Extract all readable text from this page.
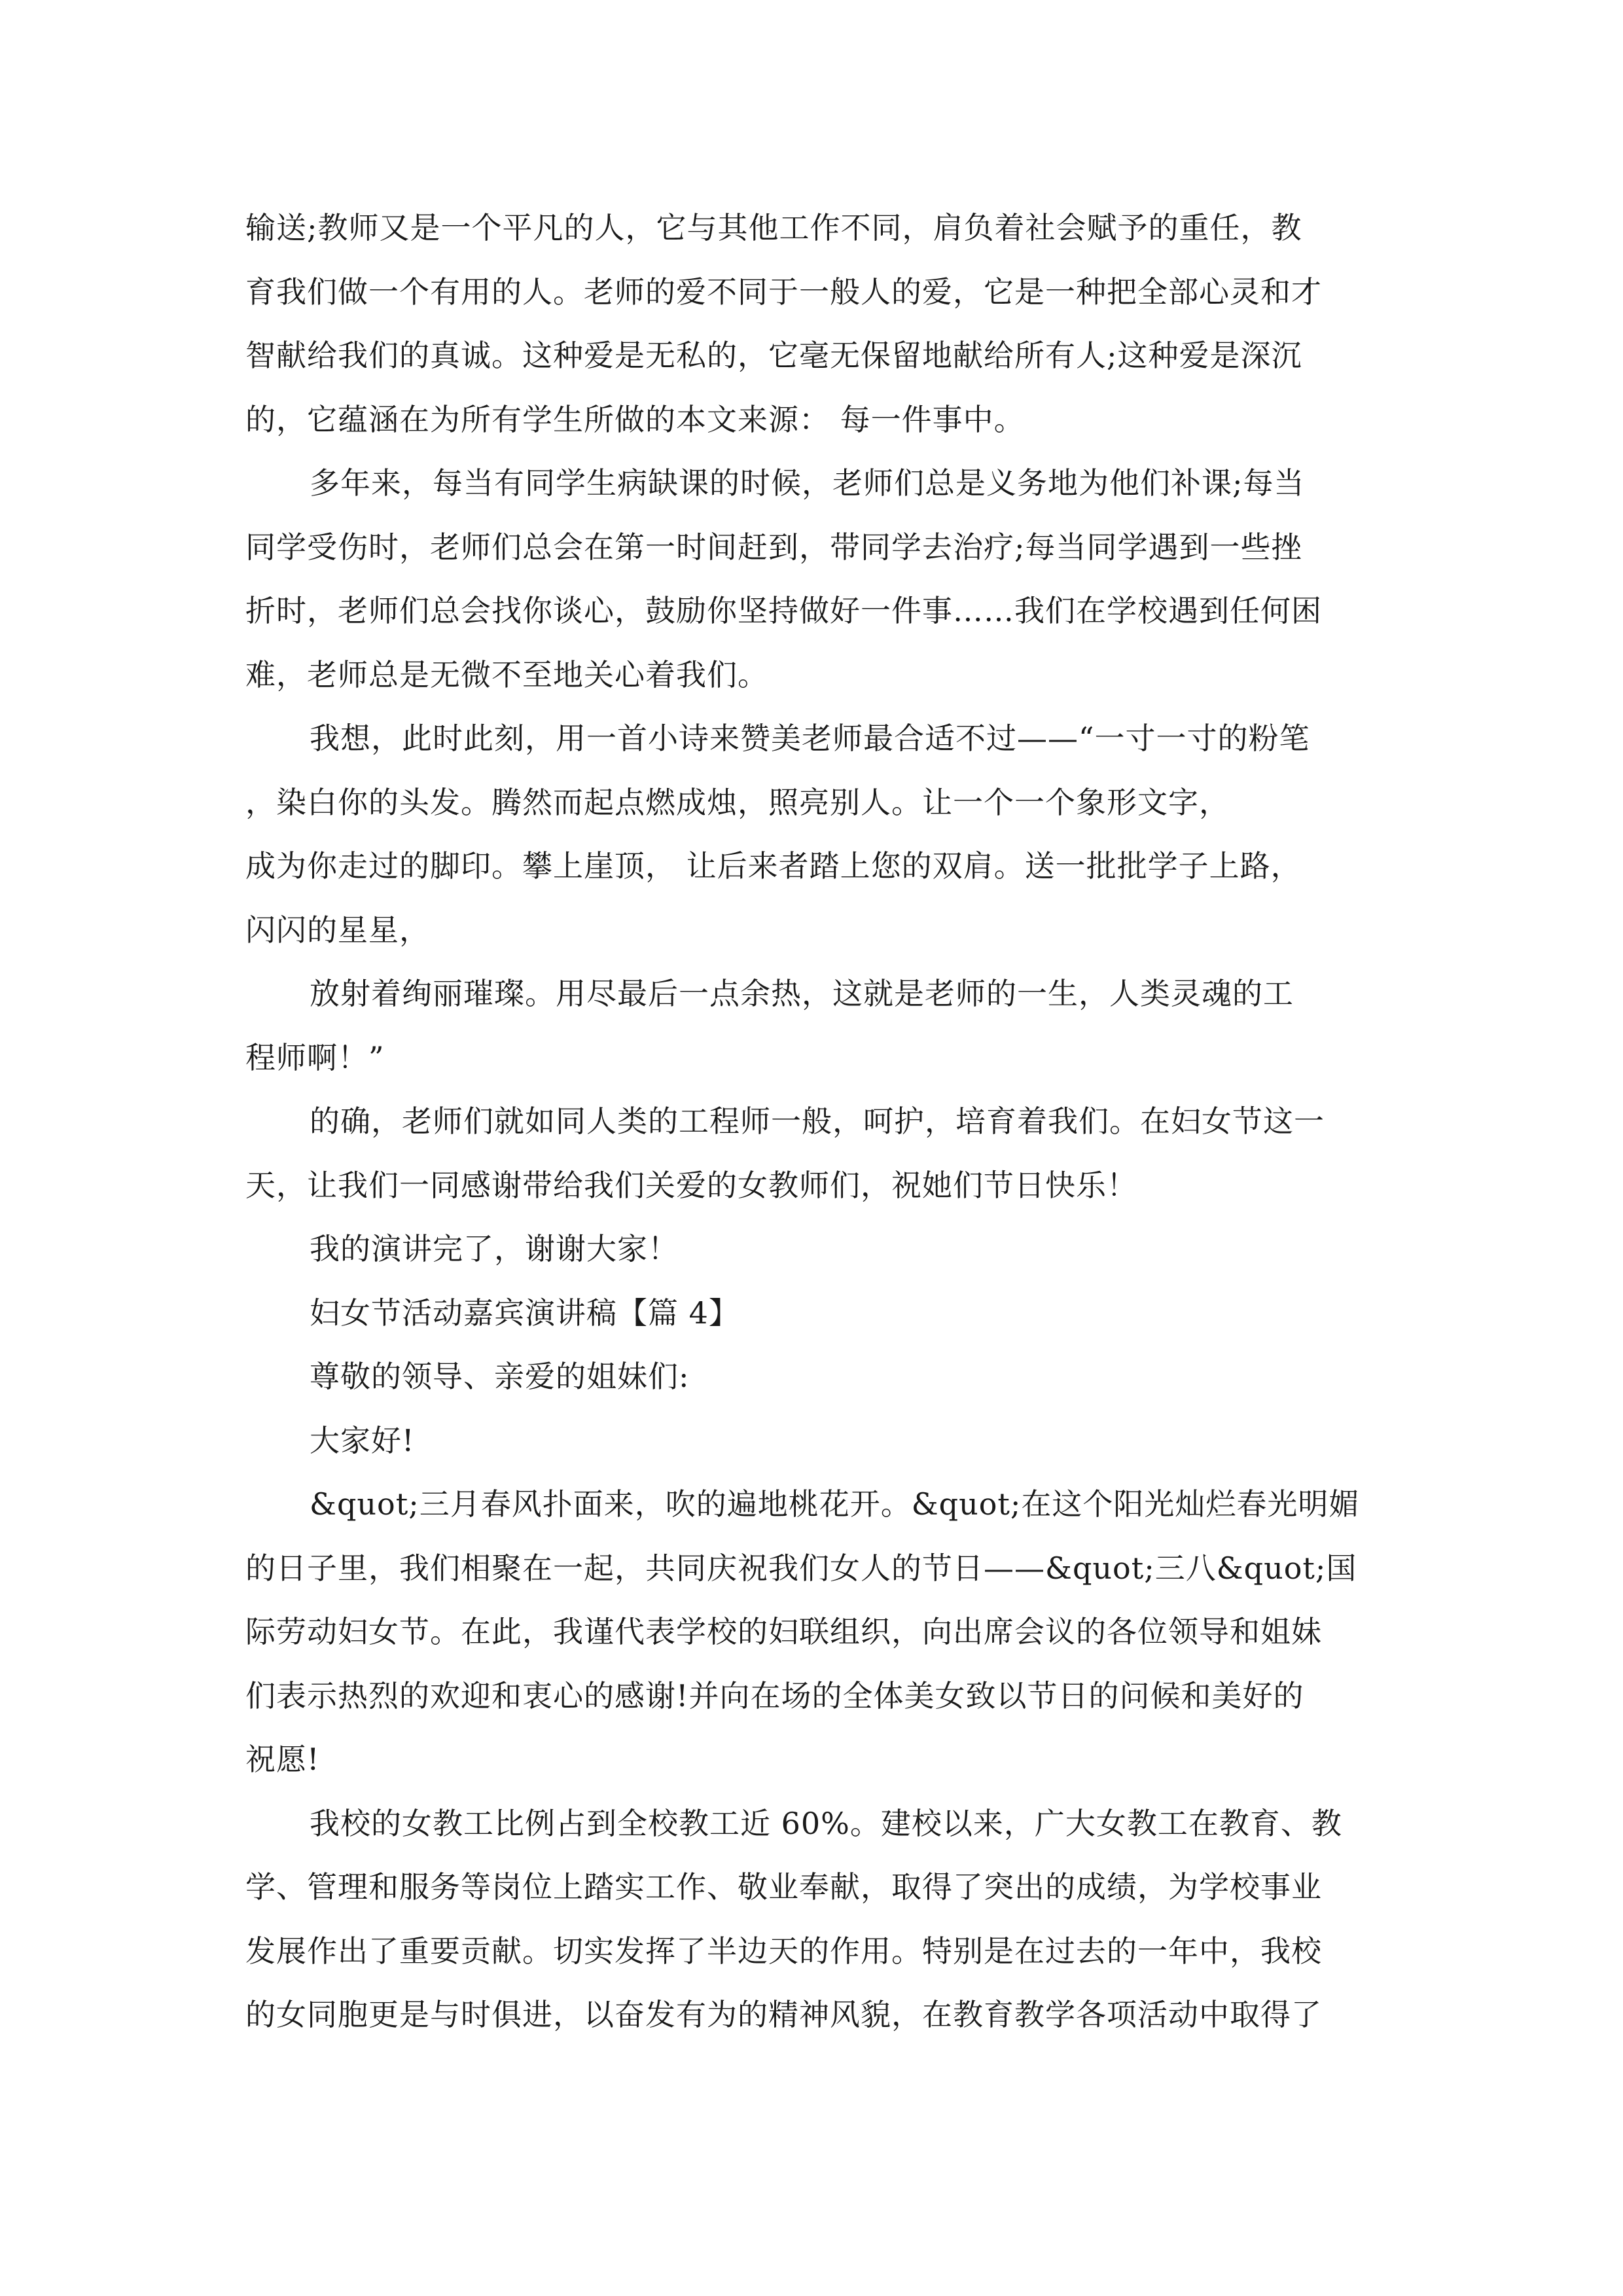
输送;教师又是一个平凡的人，它与其他工作不同，肩负着社会赋予的重任，教
育我们做一个有用的人。老师的爱不同于一般人的爱，它是一种把全部心灵和才
智献给我们的真诚。这种爱是无私的，它毫无保留地献给所有人;这种爱是深沉
的，它蕴涵在为所有学生所做的本文来源： 每一件事中。
多年来，每当有同学生病缺课的时候，老师们总是义务地为他们补课;每当
同学受伤时，老师们总会在第一时间赶到，带同学去治疗;每当同学遇到一些挫
折时，老师们总会找你谈心，鼓励你坚持做好一件事……我们在学校遇到任何困
难，老师总是无微不至地关心着我们。
我想，此时此刻，用一首小诗来赞美老师最合适不过——“一寸一寸的粉笔
，染白你的头发。腾然而起点燃成烛，照亮别人。让一个一个象形文字，
成为你走过的脚印。攀上崖顶， 让后来者踏上您的双肩。送一批批学子上路，
闪闪的星星，
放射着绚丽璀璨。用尽最后一点余热，这就是老师的一生，人类灵魂的工
程师啊！”
的确，老师们就如同人类的工程师一般，呵护，培育着我们。在妇女节这一
天，让我们一同感谢带给我们关爱的女教师们，祝她们节日快乐！
我的演讲完了，谢谢大家！
妇女节活动嘉宾演讲稿【篇 4】
尊敬的领导、亲爱的姐妹们:
大家好!
&quot;三月春风扑面来，吹的遍地桃花开。&quot;在这个阳光灿烂春光明媚
的日子里，我们相聚在一起，共同庆祝我们女人的节日——&quot;三八&quot;国
际劳动妇女节。在此，我谨代表学校的妇联组织，向出席会议的各位领导和姐妹
们表示热烈的欢迎和衷心的感谢!并向在场的全体美女致以节日的问候和美好的
祝愿!
我校的女教工比例占到全校教工近 60%。建校以来，广大女教工在教育、教
学、管理和服务等岗位上踏实工作、敬业奉献，取得了突出的成绩，为学校事业
发展作出了重要贡献。切实发挥了半边天的作用。特别是在过去的一年中，我校
的女同胞更是与时俱进，以奋发有为的精神风貌，在教育教学各项活动中取得了
